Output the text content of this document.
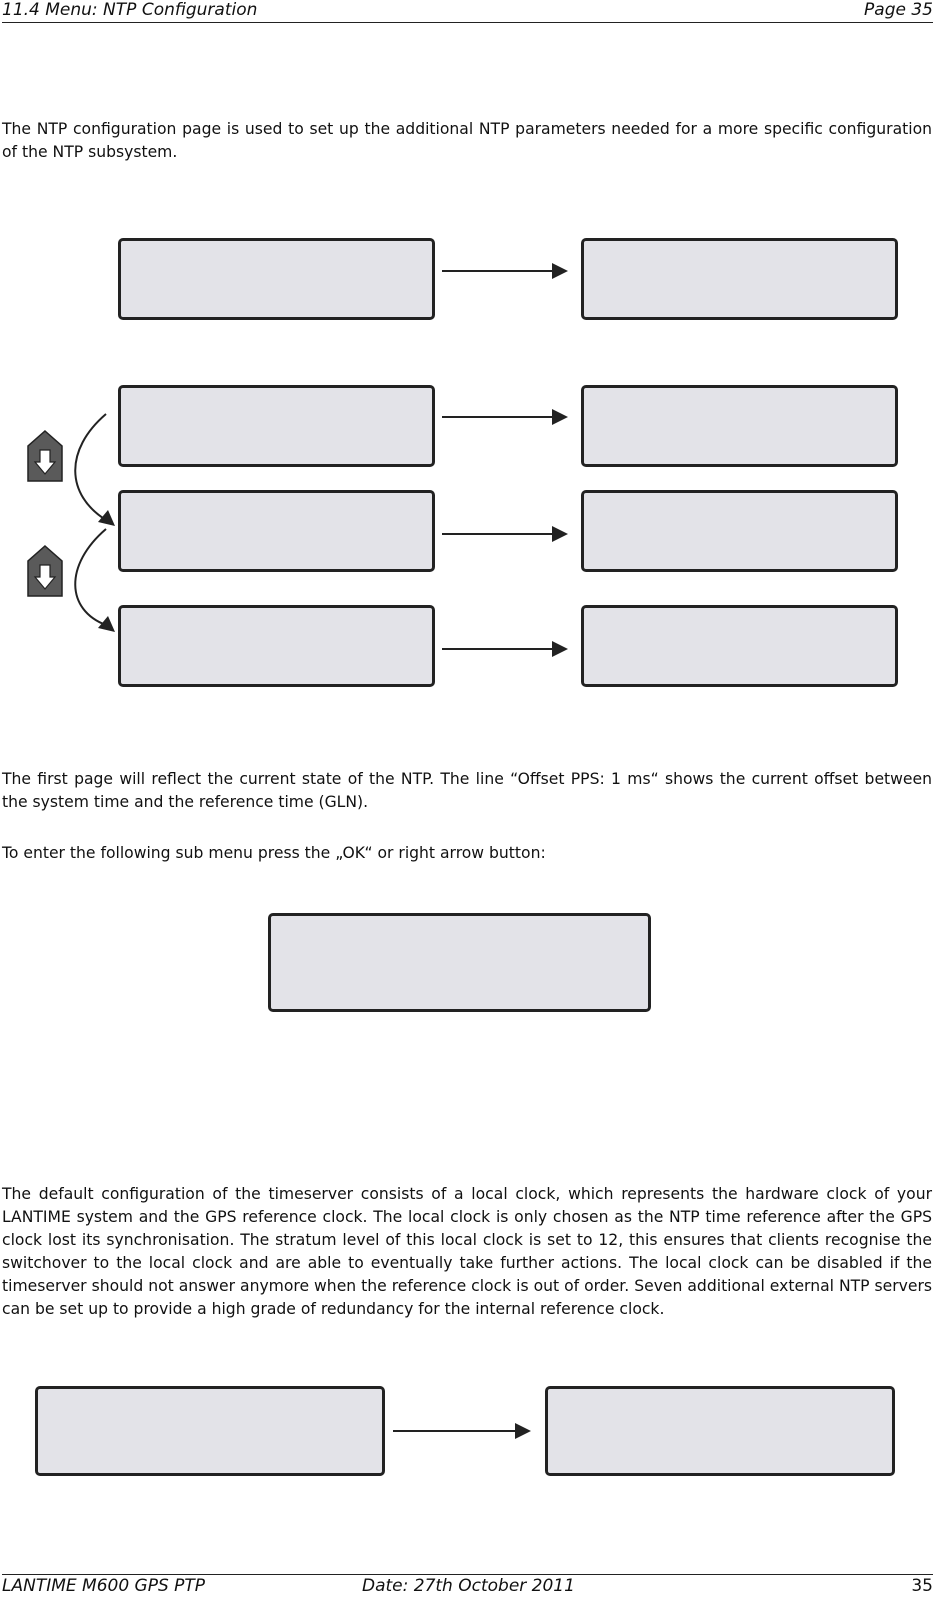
11.4 Menu: NTP Configuration	Page 35

The NTP configuration page is used to set up the additional NTP parameters needed for a more specific configuration of the NTP subsystem.

The first page will reflect the current state of the NTP. The line “Offset PPS: 1 ms“ shows the current offset between the system time and the reference time (GLN).

To enter the following sub menu press the „OK“ or right arrow button:

The default configuration of the timeserver consists of a local clock, which represents the hardware clock of your LANTIME system and the GPS reference clock. The local clock is only chosen as the NTP time reference after the GPS clock lost its synchronisation. The stratum level of this local clock is set to 12, this ensures that clients recognise the switchover to the local clock and are able to eventually take further actions. The local clock can be disabled if the timeserver should not answer anymore when the reference clock is out of order. Seven additional external NTP servers can be set up to provide a high grade of redundancy for the internal reference clock.

LANTIME M600 GPS PTP	Date: 27th October 2011	35
